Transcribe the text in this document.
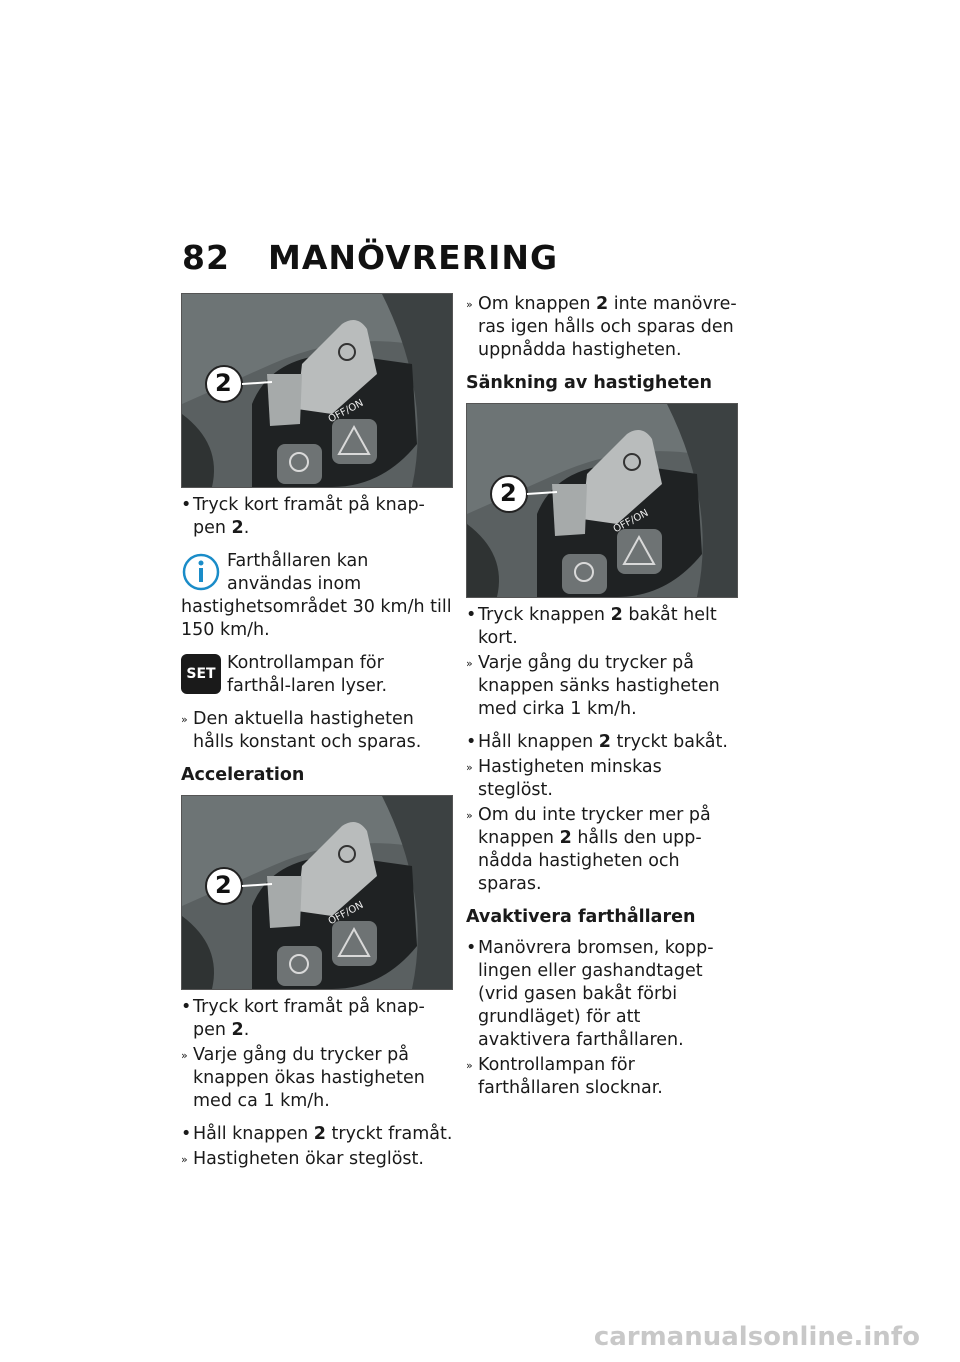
82 MANÖVRERING
2
OFF/ON
• Tryck kort framåt på knap-pen 2.
Farthållaren kan användas inom hastighetsområdet 30 km/h till 150 km/h.
SET
Kontrollampan för farthål-laren lyser.
» Den aktuella hastigheten hålls konstant och sparas.
Acceleration
2
OFF/ON
• Tryck kort framåt på knap-pen 2.
» Varje gång du trycker på knappen ökas hastigheten med ca 1 km/h.
• Håll knappen 2 tryckt framåt.
» Hastigheten ökar steglöst.
» Om knappen 2 inte manövre-ras igen hålls och sparas den uppnådda hastigheten.
Sänkning av hastigheten
2
OFF/ON
• Tryck knappen 2 bakåt helt kort.
» Varje gång du trycker på knappen sänks hastigheten med cirka 1 km/h.
• Håll knappen 2 tryckt bakåt.
» Hastigheten minskas steglöst.
» Om du inte trycker mer på knappen 2 hålls den upp-nådda hastigheten och sparas.
Avaktivera farthållaren
• Manövrera bromsen, kopp-lingen eller gashandtaget (vrid gasen bakåt förbi grundläget) för att avaktivera farthållaren.
» Kontrollampan för farthållaren slocknar.
carmanualsonline.info
